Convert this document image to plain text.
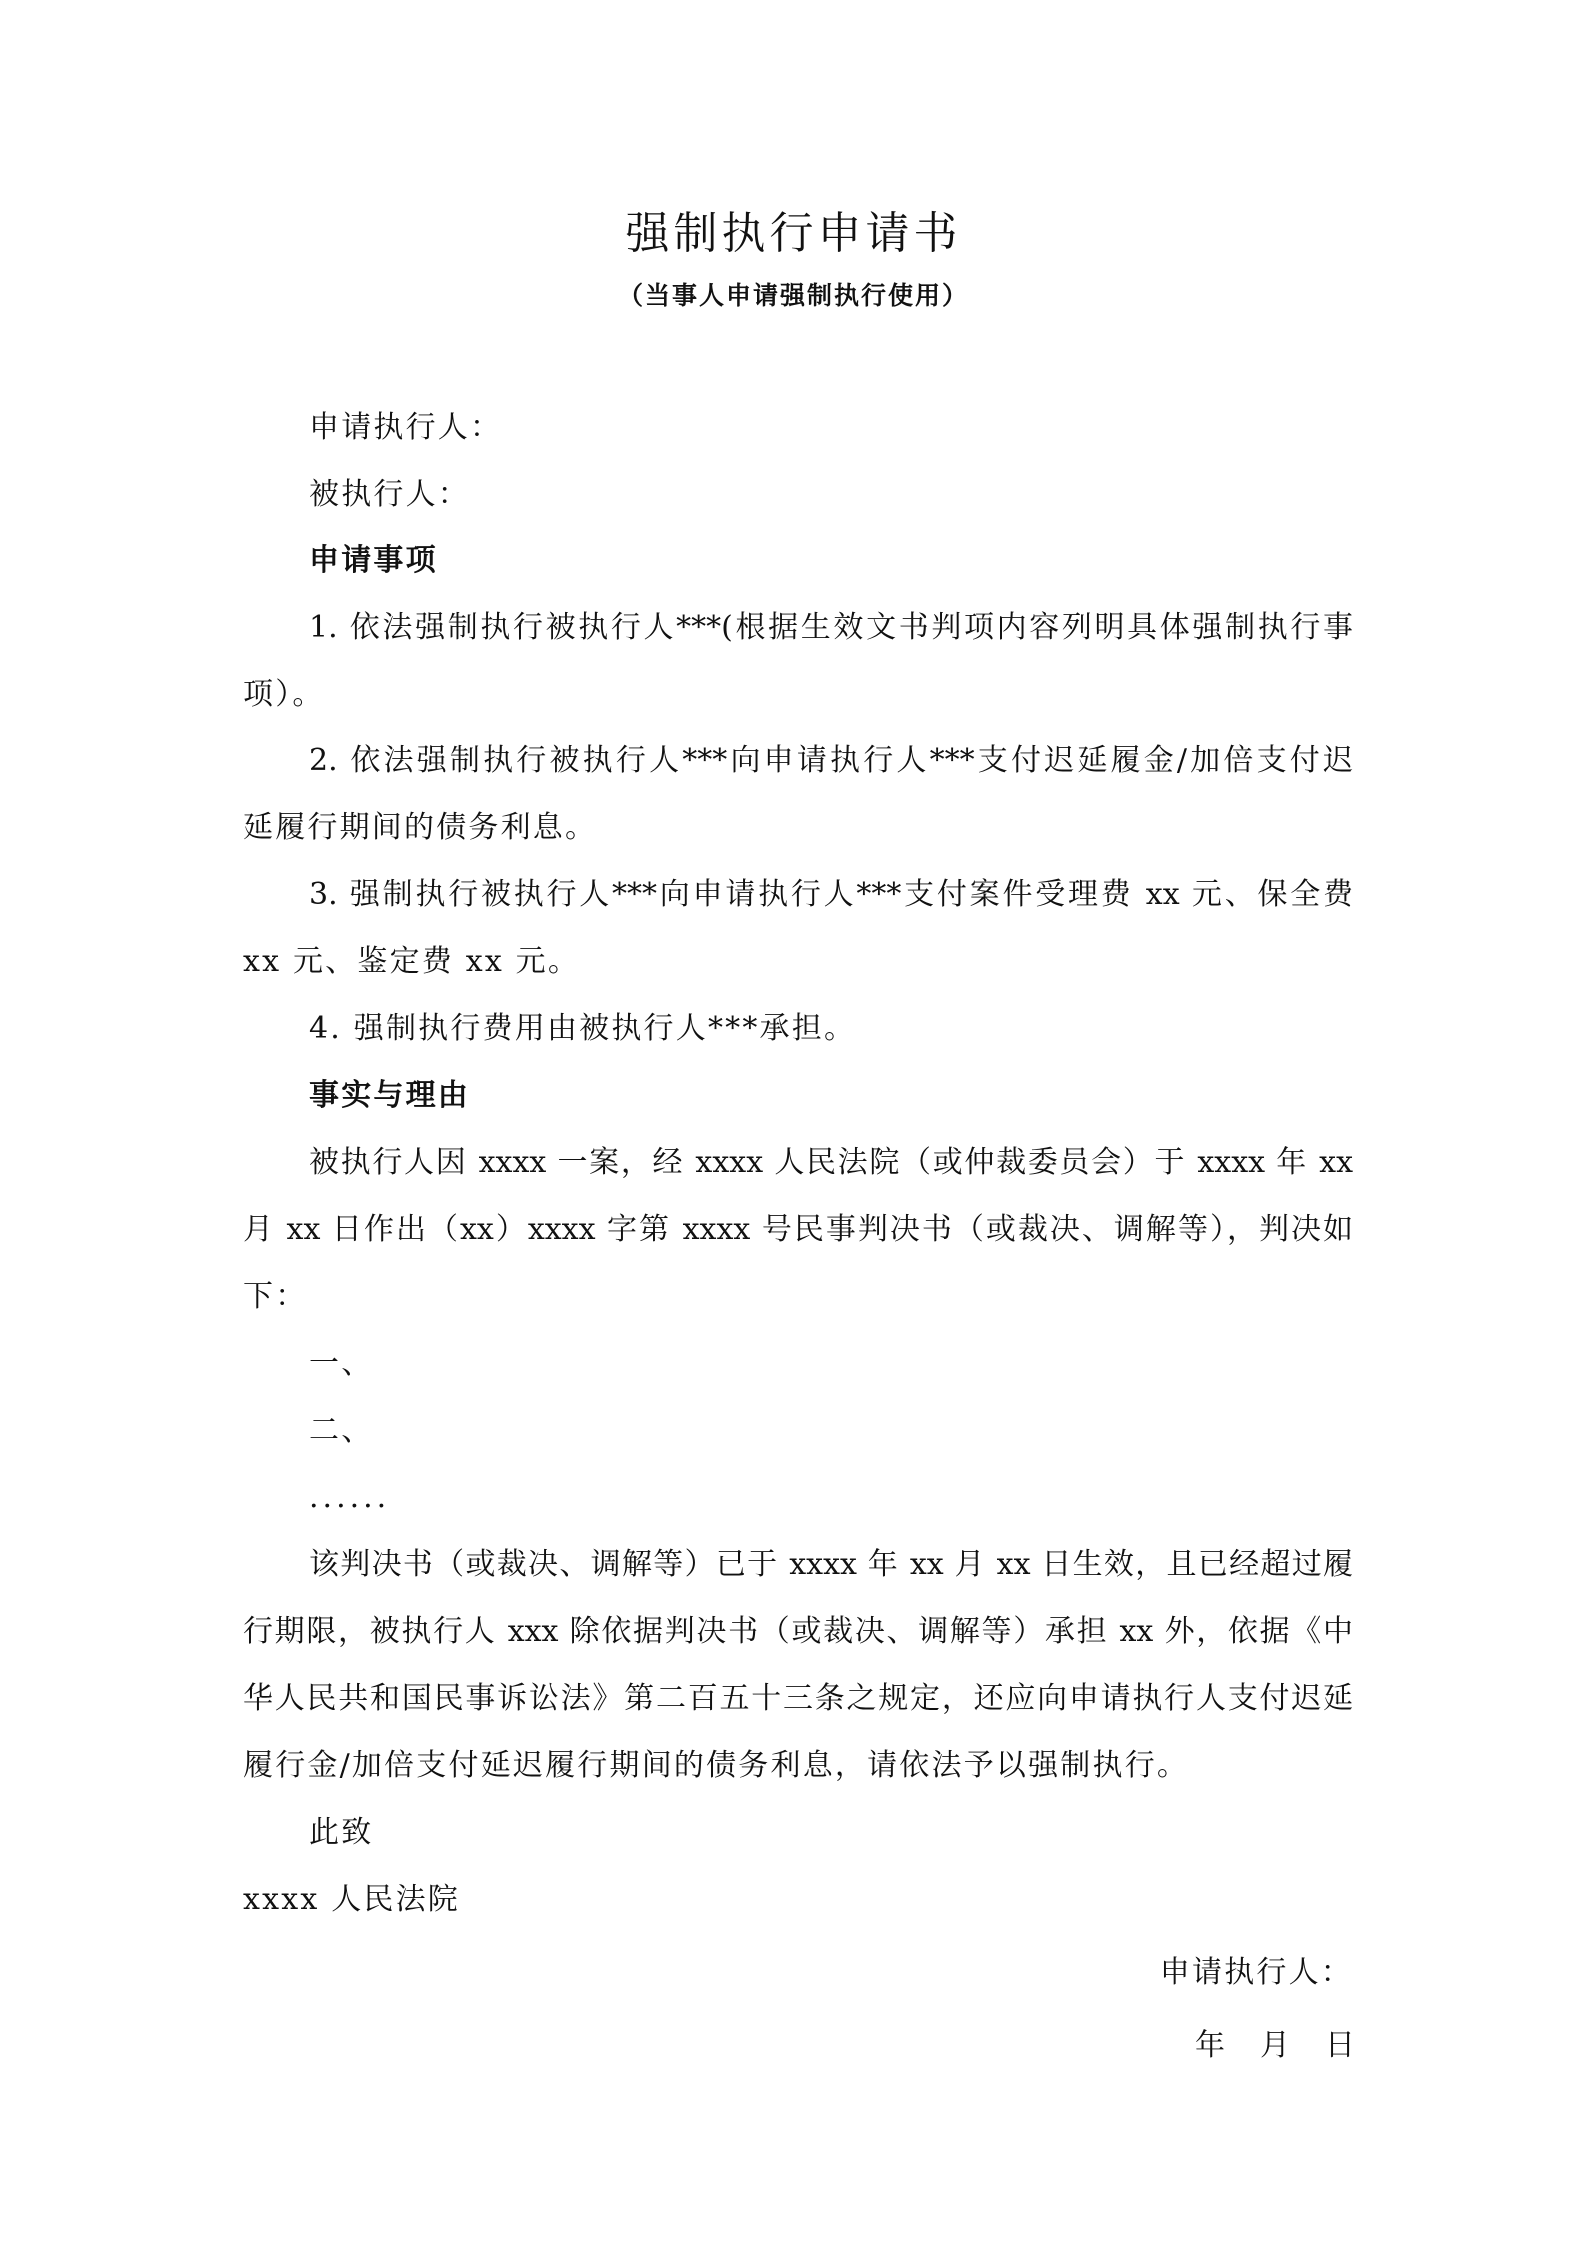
强制执行申请书
（当事人申请强制执行使用）
申请执行人：
被执行人：
申请事项
1. 依法强制执行被执行人***(根据生效文书判项内容列明具体强制执行事
项）。
2. 依法强制执行被执行人***向申请执行人***支付迟延履金/加倍支付迟
延履行期间的债务利息。
3. 强制执行被执行人***向申请执行人***支付案件受理费 xx 元、保全费
xx 元、鉴定费 xx 元。
4. 强制执行费用由被执行人***承担。
事实与理由
被执行人因 xxxx 一案，经 xxxx 人民法院（或仲裁委员会）于 xxxx 年 xx
月 xx 日作出（xx）xxxx 字第 xxxx 号民事判决书（或裁决、调解等），判决如
下：
一、
二、
......
该判决书（或裁决、调解等）已于 xxxx 年 xx 月 xx 日生效，且已经超过履
行期限，被执行人 xxx 除依据判决书（或裁决、调解等）承担 xx 外，依据《中
华人民共和国民事诉讼法》第二百五十三条之规定，还应向申请执行人支付迟延
履行金/加倍支付延迟履行期间的债务利息，请依法予以强制执行。
此致
xxxx 人民法院
申请执行人：
年 月 日
